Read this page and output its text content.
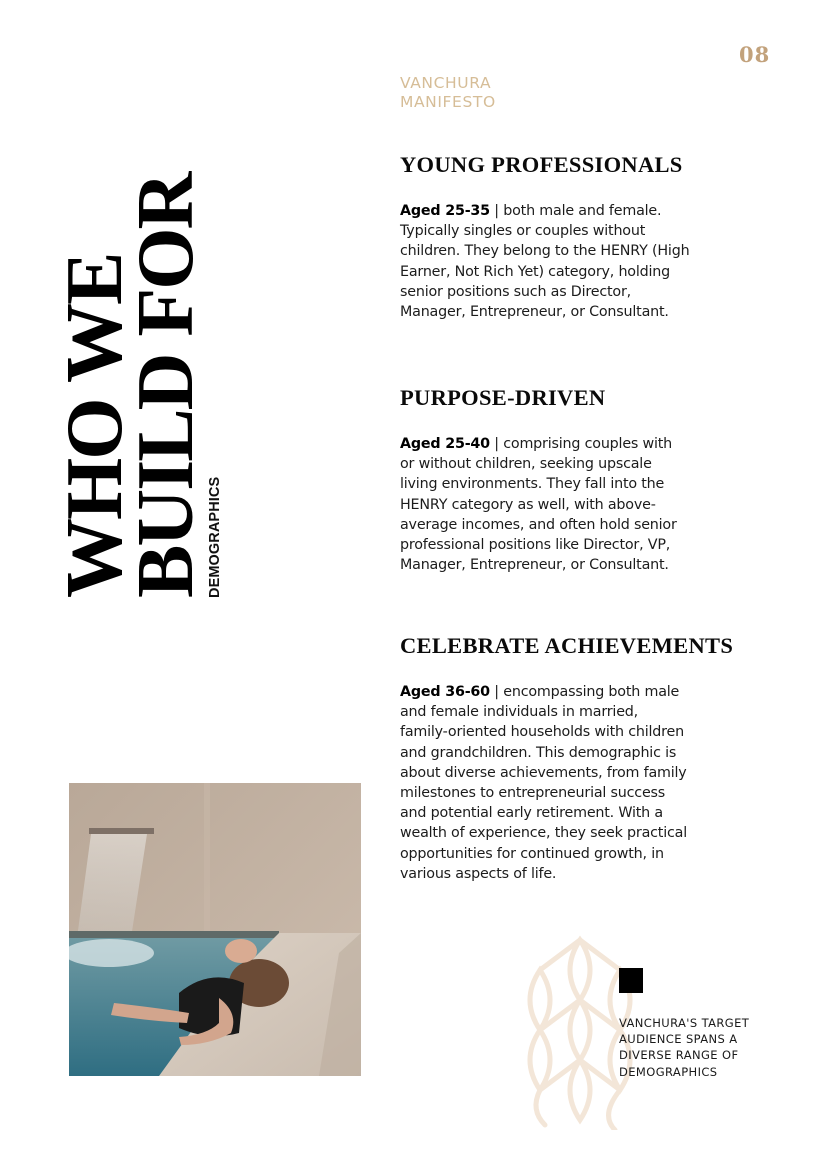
08
VANCHURA
MANIFESTO
WHO WE
BUILD FOR
DEMOGRAPHICS
YOUNG PROFESSIONALS

Aged 25-35 | both male and female. Typically singles or couples without children. They belong to the HENRY (High Earner, Not Rich Yet) category, holding senior positions such as Director, Manager, Entrepreneur, or Consultant.

PURPOSE-DRIVEN

Aged 25-40 | comprising couples with or without children, seeking upscale living environments. They fall into the HENRY category as well, with above-average incomes, and often hold senior professional positions like Director, VP, Manager, Entrepreneur, or Consultant.

CELEBRATE ACHIEVEMENTS

Aged 36-60 | encompassing both male and female individuals in married, family-oriented households with children and grandchildren. This demographic is about diverse achievements, from family milestones to entrepreneurial success and potential early retirement. With a wealth of experience, they seek practical opportunities for continued growth, in various aspects of life.

VANCHURA'S TARGET
AUDIENCE SPANS A
DIVERSE RANGE OF
DEMOGRAPHICS
